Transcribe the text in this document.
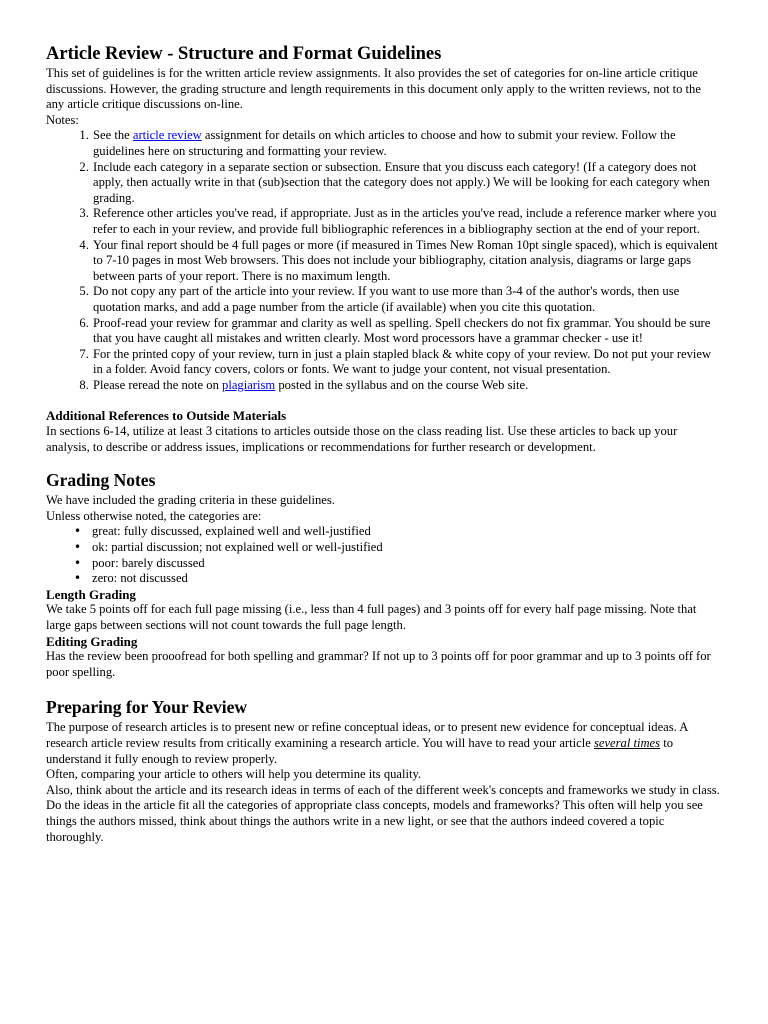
Article Review - Structure and Format Guidelines

This set of guidelines is for the written article review assignments. It also provides the set of categories for on-line article critique discussions. However, the grading structure and length requirements in this document only apply to the written reviews, not to the any article critique discussions on-line.

Notes:

1. See the article review assignment for details on which articles to choose and how to submit your review. Follow the guidelines here on structuring and formatting your review.
2. Include each category in a separate section or subsection. Ensure that you discuss each category! (If a category does not apply, then actually write in that (sub)section that the category does not apply.) We will be looking for each category when grading.
3. Reference other articles you've read, if appropriate. Just as in the articles you've read, include a reference marker where you refer to each in your review, and provide full bibliographic references in a bibliography section at the end of your report.
4. Your final report should be 4 full pages or more (if measured in Times New Roman 10pt single spaced), which is equivalent to 7-10 pages in most Web browsers. This does not include your bibliography, citation analysis, diagrams or large gaps between parts of your report. There is no maximum length.
5. Do not copy any part of the article into your review. If you want to use more than 3-4 of the author's words, then use quotation marks, and add a page number from the article (if available) when you cite this quotation.
6. Proof-read your review for grammar and clarity as well as spelling. Spell checkers do not fix grammar. You should be sure that you have caught all mistakes and written clearly. Most word processors have a grammar checker - use it!
7. For the printed copy of your review, turn in just a plain stapled black & white copy of your review. Do not put your review in a folder. Avoid fancy covers, colors or fonts. We want to judge your content, not visual presentation.
8. Please reread the note on plagiarism posted in the syllabus and on the course Web site.
Additional References to Outside Materials

In sections 6-14, utilize at least 3 citations to articles outside those on the class reading list. Use these articles to back up your analysis, to describe or address issues, implications or recommendations for further research or development.

Grading Notes

We have included the grading criteria in these guidelines.

Unless otherwise noted, the categories are:

• great: fully discussed, explained well and well-justified
• ok: partial discussion; not explained well or well-justified
• poor: barely discussed
• zero: not discussed
Length Grading

We take 5 points off for each full page missing (i.e., less than 4 full pages) and 3 points off for every half page missing. Note that large gaps between sections will not count towards the full page length.

Editing Grading

Has the review been prooofread for both spelling and grammar? If not up to 3 points off for poor grammar and up to 3 points off for poor spelling.

Preparing for Your Review

The purpose of research articles is to present new or refine conceptual ideas, or to present new evidence for conceptual ideas. A research article review results from critically examining a research article. You will have to read your article several times to understand it fully enough to review properly.

Often, comparing your article to others will help you determine its quality.

Also, think about the article and its research ideas in terms of each of the different week's concepts and frameworks we study in class. Do the ideas in the article fit all the categories of appropriate class concepts, models and frameworks? This often will help you see things the authors missed, think about things the authors write in a new light, or see that the authors indeed covered a topic thoroughly.
